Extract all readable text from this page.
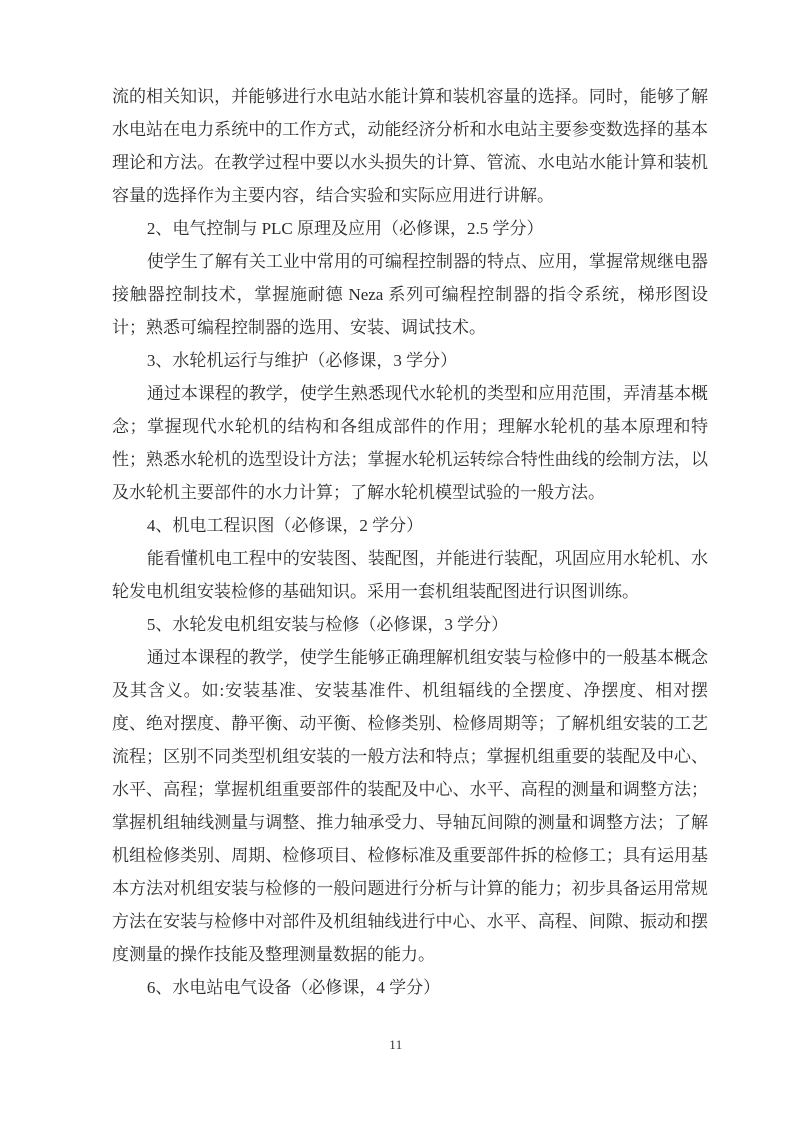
流的相关知识，并能够进行水电站水能计算和装机容量的选择。同时，能够了解水电站在电力系统中的工作方式，动能经济分析和水电站主要参变数选择的基本理论和方法。在教学过程中要以水头损失的计算、管流、水电站水能计算和装机容量的选择作为主要内容，结合实验和实际应用进行讲解。
2、电气控制与 PLC 原理及应用（必修课，2.5 学分）
使学生了解有关工业中常用的可编程控制器的特点、应用，掌握常规继电器接触器控制技术，掌握施耐德 Neza 系列可编程控制器的指令系统，梯形图设计；熟悉可编程控制器的选用、安装、调试技术。
3、水轮机运行与维护（必修课，3 学分）
通过本课程的教学，使学生熟悉现代水轮机的类型和应用范围，弄清基本概念；掌握现代水轮机的结构和各组成部件的作用；理解水轮机的基本原理和特性；熟悉水轮机的选型设计方法；掌握水轮机运转综合特性曲线的绘制方法，以及水轮机主要部件的水力计算；了解水轮机模型试验的一般方法。
4、机电工程识图（必修课，2 学分）
能看懂机电工程中的安装图、装配图，并能进行装配，巩固应用水轮机、水轮发电机组安装检修的基础知识。采用一套机组装配图进行识图训练。
5、水轮发电机组安装与检修（必修课，3 学分）
通过本课程的教学，使学生能够正确理解机组安装与检修中的一般基本概念及其含义。如:安装基准、安装基准件、机组辐线的全摆度、净摆度、相对摆度、绝对摆度、静平衡、动平衡、检修类别、检修周期等；了解机组安装的工艺流程；区别不同类型机组安装的一般方法和特点；掌握机组重要的装配及中心、水平、高程；掌握机组重要部件的装配及中心、水平、高程的测量和调整方法；掌握机组轴线测量与调整、推力轴承受力、导轴瓦间隙的测量和调整方法；了解机组检修类别、周期、检修项目、检修标准及重要部件拆的检修工；具有运用基本方法对机组安装与检修的一般问题进行分析与计算的能力；初步具备运用常规方法在安装与检修中对部件及机组轴线进行中心、水平、高程、间隙、振动和摆度测量的操作技能及整理测量数据的能力。
6、水电站电气设备（必修课，4 学分）
11
